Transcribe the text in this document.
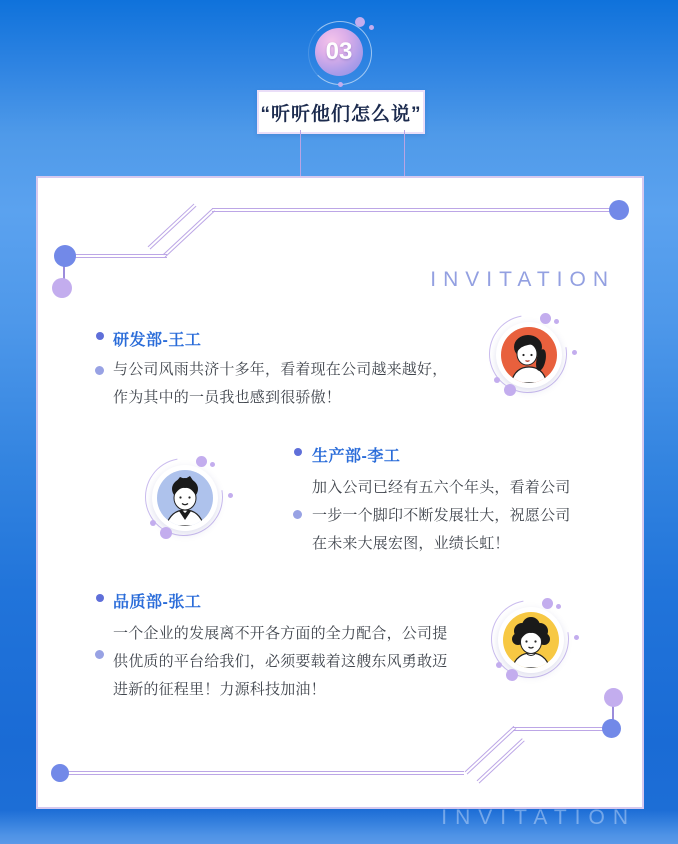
03
“听听他们怎么说”
INVITATION
研发部-王工
与公司风雨共济十多年，看着现在公司越来越好，
作为其中的一员我也感到很骄傲！
生产部-李工
加入公司已经有五六个年头，看着公司
一步一个脚印不断发展壮大，祝愿公司
在未来大展宏图，业绩长虹！
品质部-张工
一个企业的发展离不开各方面的全力配合，公司提
供优质的平台给我们，必须要载着这艘东风勇敢迈
进新的征程里！力源科技加油！
INVITATION
